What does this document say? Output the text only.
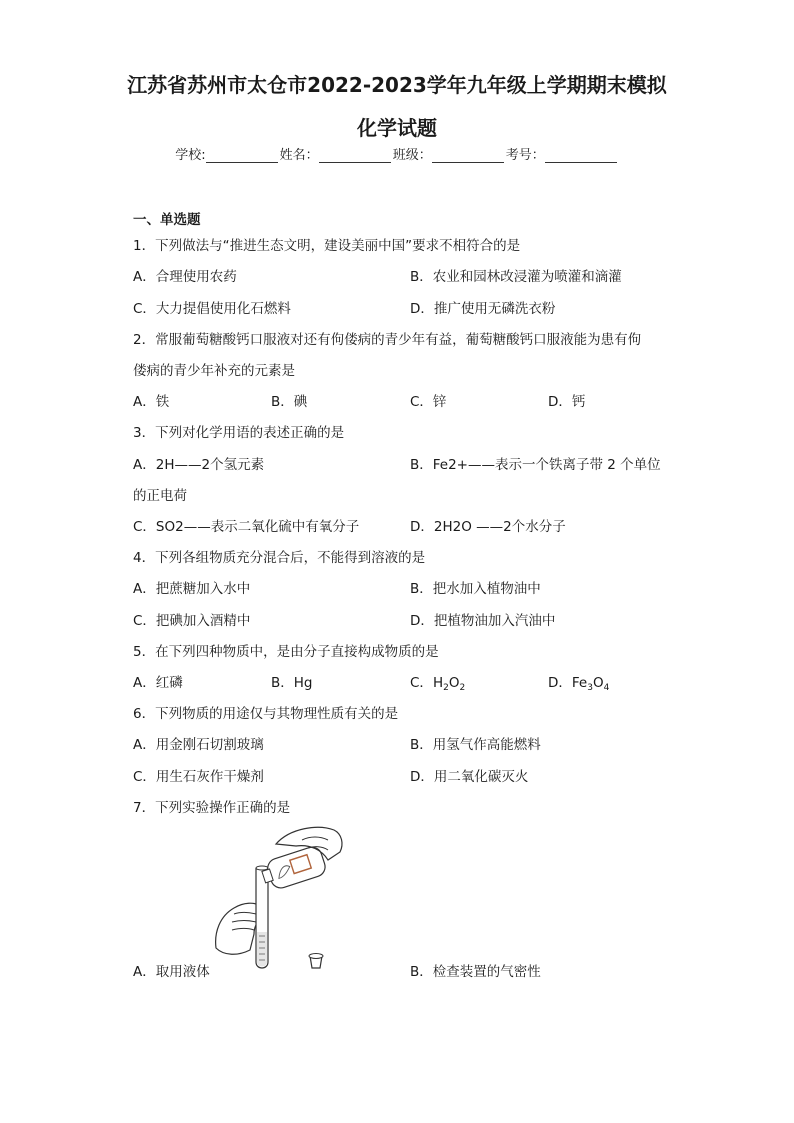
江苏省苏州市太仓市2022-2023学年九年级上学期期末模拟
化学试题
学校:	姓名：	班级：	考号：
一、单选题
1．下列做法与“推进生态文明，建设美丽中国”要求不相符合的是
A．合理使用农药	B．农业和园林改浸灌为喷灌和滴灌
C．大力提倡使用化石燃料	D．推广使用无磷洗衣粉
2．常服葡萄糖酸钙口服液对还有佝偻病的青少年有益，葡萄糖酸钙口服液能为患有佝
偻病的青少年补充的元素是
A．铁	B．碘	C．锌	D．钙
3．下列对化学用语的表述正确的是
A．2H——2个氢元素	B．Fe2+——表示一个铁离子带 2 个单位
的正电荷
C．SO2——表示二氧化硫中有氧分子	D．2H2O ——2个水分子
4．下列各组物质充分混合后，不能得到溶液的是
A．把蔗糖加入水中	B．把水加入植物油中
C．把碘加入酒精中	D．把植物油加入汽油中
5．在下列四种物质中，是由分子直接构成物质的是
A．红磷	B．Hg	C．$H_2O_2$	D．$Fe_3O_4$
6．下列物质的用途仅与其物理性质有关的是
A．用金刚石切割玻璃	B．用氢气作高能燃料
C．用生石灰作干燥剂	D．用二氧化碳灭火
7．下列实验操作正确的是
A．取用液体	B．检查装置的气密性
